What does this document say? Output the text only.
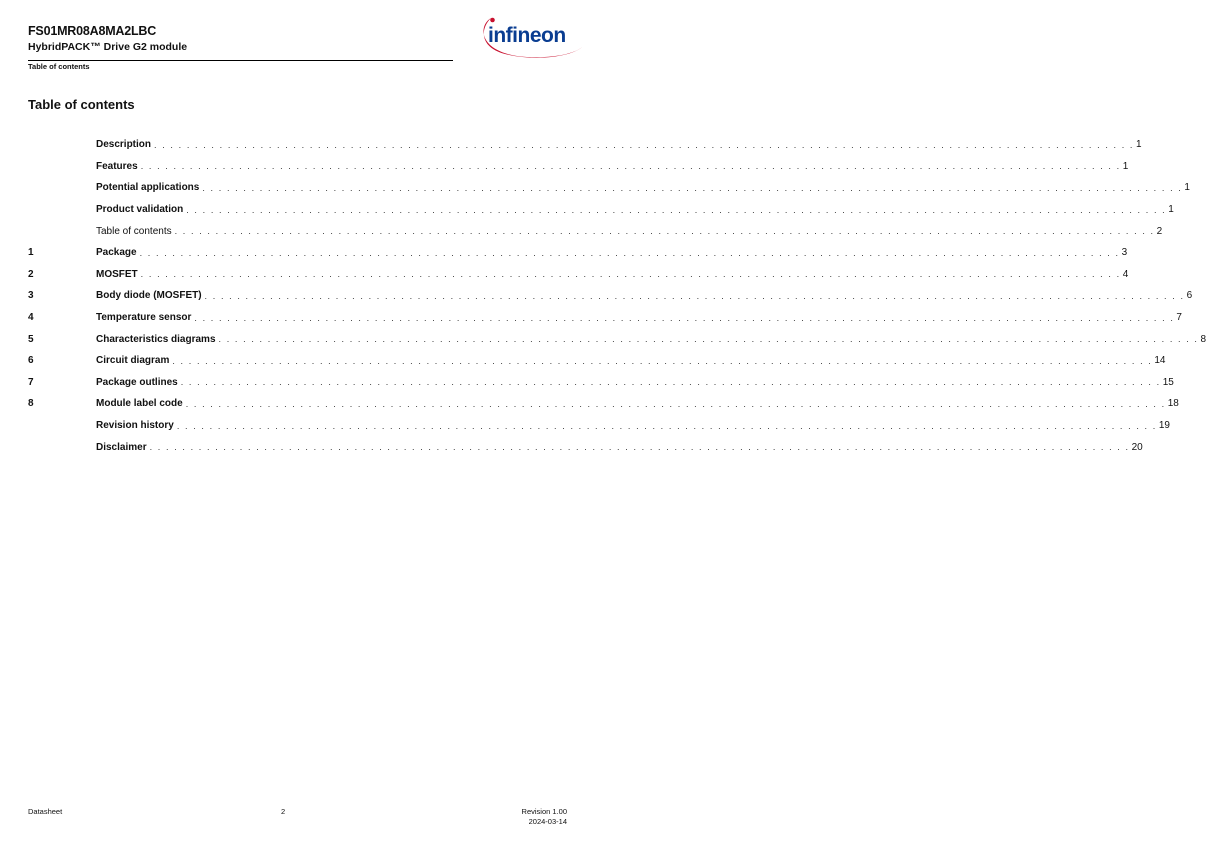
FS01MR08A8MA2LBC
HybridPACK™ Drive G2 module
Table of contents
infineon
Table of contents
Description . . . . . . . . . . . . . . . . . . . . . . . . . . . . . . . . . . . . . . . . . . . . . . . . . . . . . . . . . . . . . . . . . . . . . . . . . . . . . . . . . . . . . . . . . . . . . . . . . . . . . . . . . . . . . . . . . . . . . . . . 1
Features . . . . . . . . . . . . . . . . . . . . . . . . . . . . . . . . . . . . . . . . . . . . . . . . . . . . . . . . . . . . . . . . . . . . . . . . . . . . . . . . . . . . . . . . . . . . . . . . . . . . . . . . . . . . . . . . . . . . . . . . 1
Potential applications . . . . . . . . . . . . . . . . . . . . . . . . . . . . . . . . . . . . . . . . . . . . . . . . . . . . . . . . . . . . . . . . . . . . . . . . . . . . . . . . . . . . . . . . . . . . . . . . . . . . . . . . . . . . . . . . . . . . . . . . 1
Product validation . . . . . . . . . . . . . . . . . . . . . . . . . . . . . . . . . . . . . . . . . . . . . . . . . . . . . . . . . . . . . . . . . . . . . . . . . . . . . . . . . . . . . . . . . . . . . . . . . . . . . . . . . . . . . . . . . . . . . . . . 1
Table of contents . . . . . . . . . . . . . . . . . . . . . . . . . . . . . . . . . . . . . . . . . . . . . . . . . . . . . . . . . . . . . . . . . . . . . . . . . . . . . . . . . . . . . . . . . . . . . . . . . . . . . . . . . . . . . . . . . . . . . . . . 2
1	Package . . . . . . . . . . . . . . . . . . . . . . . . . . . . . . . . . . . . . . . . . . . . . . . . . . . . . . . . . . . . . . . . . . . . . . . . . . . . . . . . . . . . . . . . . . . . . . . . . . . . . . . . . . . . . . . . . . . . . . . . 3
2	MOSFET . . . . . . . . . . . . . . . . . . . . . . . . . . . . . . . . . . . . . . . . . . . . . . . . . . . . . . . . . . . . . . . . . . . . . . . . . . . . . . . . . . . . . . . . . . . . . . . . . . . . . . . . . . . . . . . . . . . . . . . . 4
3	Body diode (MOSFET) . . . . . . . . . . . . . . . . . . . . . . . . . . . . . . . . . . . . . . . . . . . . . . . . . . . . . . . . . . . . . . . . . . . . . . . . . . . . . . . . . . . . . . . . . . . . . . . . . . . . . . . . . . . . . . . . . . . . . . . . 6
4	Temperature sensor . . . . . . . . . . . . . . . . . . . . . . . . . . . . . . . . . . . . . . . . . . . . . . . . . . . . . . . . . . . . . . . . . . . . . . . . . . . . . . . . . . . . . . . . . . . . . . . . . . . . . . . . . . . . . . . . . . . . . . . . 7
5	Characteristics diagrams . . . . . . . . . . . . . . . . . . . . . . . . . . . . . . . . . . . . . . . . . . . . . . . . . . . . . . . . . . . . . . . . . . . . . . . . . . . . . . . . . . . . . . . . . . . . . . . . . . . . . . . . . . . . . . . . . . . . . . . . 8
6	Circuit diagram . . . . . . . . . . . . . . . . . . . . . . . . . . . . . . . . . . . . . . . . . . . . . . . . . . . . . . . . . . . . . . . . . . . . . . . . . . . . . . . . . . . . . . . . . . . . . . . . . . . . . . . . . . . . . . . . . . . . . . . . 14
7	Package outlines . . . . . . . . . . . . . . . . . . . . . . . . . . . . . . . . . . . . . . . . . . . . . . . . . . . . . . . . . . . . . . . . . . . . . . . . . . . . . . . . . . . . . . . . . . . . . . . . . . . . . . . . . . . . . . . . . . . . . . . . 15
8	Module label code . . . . . . . . . . . . . . . . . . . . . . . . . . . . . . . . . . . . . . . . . . . . . . . . . . . . . . . . . . . . . . . . . . . . . . . . . . . . . . . . . . . . . . . . . . . . . . . . . . . . . . . . . . . . . . . . . . . . . . . . 18
Revision history . . . . . . . . . . . . . . . . . . . . . . . . . . . . . . . . . . . . . . . . . . . . . . . . . . . . . . . . . . . . . . . . . . . . . . . . . . . . . . . . . . . . . . . . . . . . . . . . . . . . . . . . . . . . . . . . . . . . . . . . 19
Disclaimer . . . . . . . . . . . . . . . . . . . . . . . . . . . . . . . . . . . . . . . . . . . . . . . . . . . . . . . . . . . . . . . . . . . . . . . . . . . . . . . . . . . . . . . . . . . . . . . . . . . . . . . . . . . . . . . . . . . . . . . . 20
Datasheet	2	Revision 1.00
2024-03-14
